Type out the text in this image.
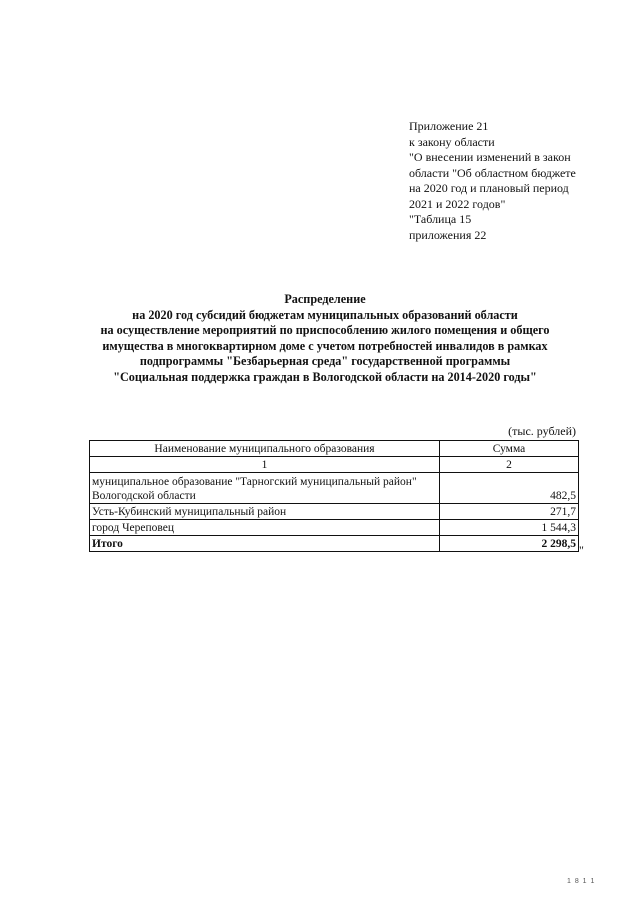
Приложение 21
к закону области
"О внесении изменений в закон
области "Об областном бюджете
на 2020 год и плановый период
2021 и 2022 годов"
"Таблица 15
приложения 22
Распределение
на 2020 год субсидий бюджетам муниципальных образований области
на осуществление мероприятий по приспособлению жилого помещения и общего
имущества в многоквартирном доме с учетом потребностей инвалидов в рамках
подпрограммы "Безбарьерная среда" государственной программы
"Социальная поддержка граждан в Вологодской области на 2014-2020 годы"
(тыс. рублей)
Наименование муниципального образования	Сумма
1	2
муниципальное образование "Тарногский муниципальный район" Вологодской области	482,5
Усть-Кубинский муниципальный район	271,7
город Череповец	1 544,3
Итого	2 298,5 "
1 8 1 1
